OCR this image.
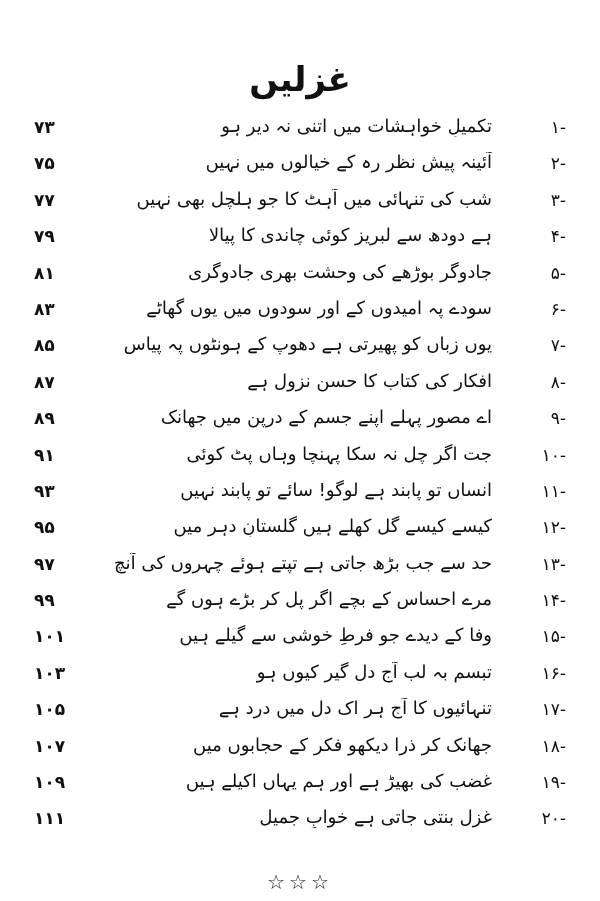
غزلیں
-۱
تکمیلِ خواہشات میں اتنی نہ دیر ہو
۷۳
-۲
آئینہ پیشِ نظر رہ کے خیالوں میں نہیں
۷۵
-۳
شب کی تنہائی میں آہٹ کا جو ہلچل بھی نہیں
۷۷
-۴
ہے دودھ سے لبریز کوئی چاندی کا پیالا
۷۹
-۵
جادوگر بوڑھے کی وحشت بھری جادوگری
۸۱
-۶
سودے پہ امیدوں کے اور سودوں میں یوں گھاٹے
۸۳
-۷
یوں زباں کو پھیرتی ہے دھوپ کے ہونٹوں پہ پیاس
۸۵
-۸
افکار کی کتاب کا حسن نزول ہے
۸۷
-۹
اے مصور پہلے اپنے جسم کے درپن میں جھانک
۸۹
-۱۰
جت اگر چل نہ سکا پہنچا وہاں پٹ کوئی
۹۱
-۱۱
انساں تو پابند ہے لوگو! سائے تو پابند نہیں
۹۳
-۱۲
کیسے کیسے گل کھلے ہیں گلستانِ دہر میں
۹۵
-۱۳
حد سے جب بڑھ جاتی ہے تپتے ہوئے چہروں کی آنچ
۹۷
-۱۴
مرے احساس کے بچے اگر پل کر بڑے ہوں گے
۹۹
-۱۵
وفا کے دیدے جو فرطِ خوشی سے گیلے ہیں
۱۰۱
-۱۶
تبسم بہ لب آج دل گیر کیوں ہو
۱۰۳
-۱۷
تنہائیوں کا آج ہر اک دل میں درد ہے
۱۰۵
-۱۸
جھانک کر ذرا دیکھو فکر کے حجابوں میں
۱۰۷
-۱۹
غضب کی بھیڑ ہے اور ہم یہاں اکیلے ہیں
۱۰۹
-۲۰
غزل بنتی جاتی ہے خوابِ جمیل
۱۱۱
☆☆☆
